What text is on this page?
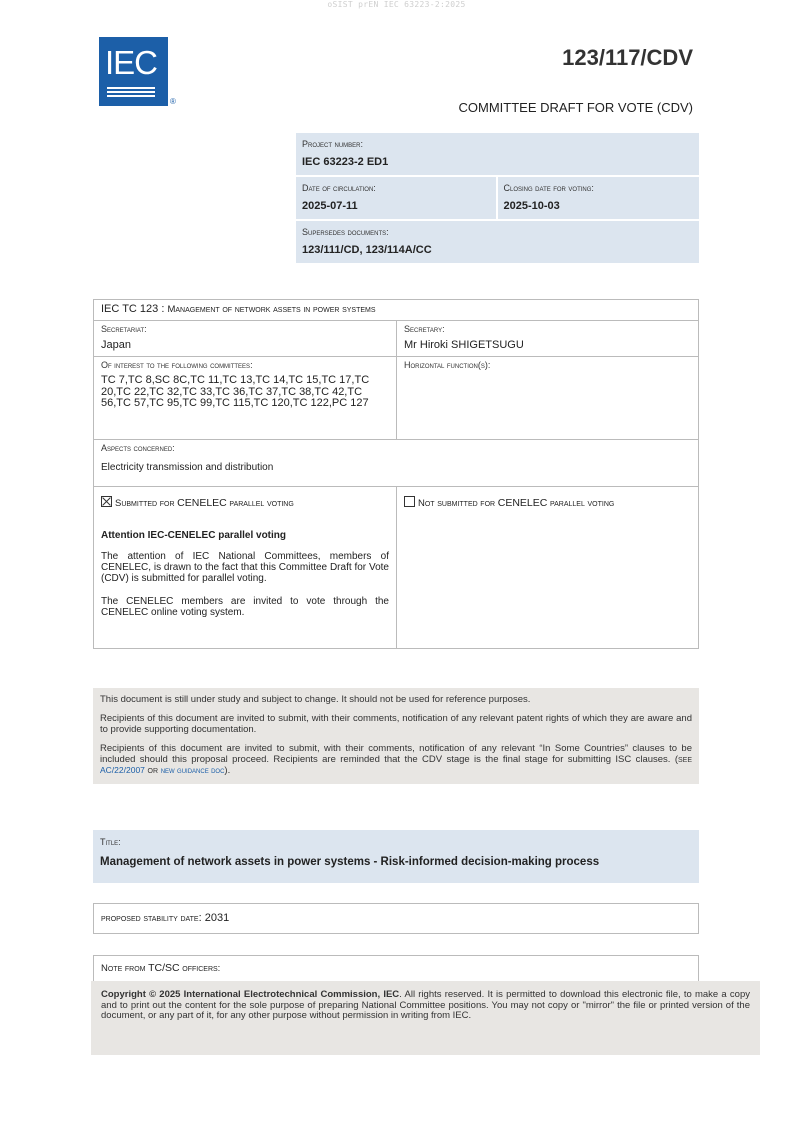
oSIST prEN IEC 63223-2:2025
IEC
®
123/117/CDV
COMMITTEE DRAFT FOR VOTE (CDV)
Project number:
IEC 63223-2 ED1
Date of circulation:
2025-07-11
Closing date for voting:
2025-10-03
Supersedes documents:
123/111/CD, 123/114A/CC
IEC TC 123 : Management of network assets in power systems
Secretariat:
Japan
Secretary:
Mr Hiroki SHIGETSUGU
Of interest to the following committees:
TC 7,TC 8,SC 8C,TC 11,TC 13,TC 14,TC 15,TC 17,TC 20,TC 22,TC 32,TC 33,TC 36,TC 37,TC 38,TC 42,TC 56,TC 57,TC 95,TC 99,TC 115,TC 120,TC 122,PC 127
Horizontal function(s):
Aspects concerned:
Electricity transmission and distribution
Submitted for CENELEC parallel voting
Attention IEC-CENELEC parallel voting
The attention of IEC National Committees, members of CENELEC, is drawn to the fact that this Committee Draft for Vote (CDV) is submitted for parallel voting.
The CENELEC members are invited to vote through the CENELEC online voting system.
Not submitted for CENELEC parallel voting

This document is still under study and subject to change. It should not be used for reference purposes.

Recipients of this document are invited to submit, with their comments, notification of any relevant patent rights of which they are aware and to provide supporting documentation.

Recipients of this document are invited to submit, with their comments, notification of any relevant “In Some Countries” clauses to be included should this proposal proceed. Recipients are reminded that the CDV stage is the final stage for submitting ISC clauses. (see AC/22/2007 or new guidance doc).

Title:
Management of network assets in power systems - Risk-informed decision-making process
proposed stability date: 2031
Note from TC/SC officers:
Copyright © 2025 International Electrotechnical Commission, IEC. All rights reserved. It is permitted to download this electronic file, to make a copy and to print out the content for the sole purpose of preparing National Committee positions. You may not copy or "mirror" the file or printed version of the document, or any part of it, for any other purpose without permission in writing from IEC.
